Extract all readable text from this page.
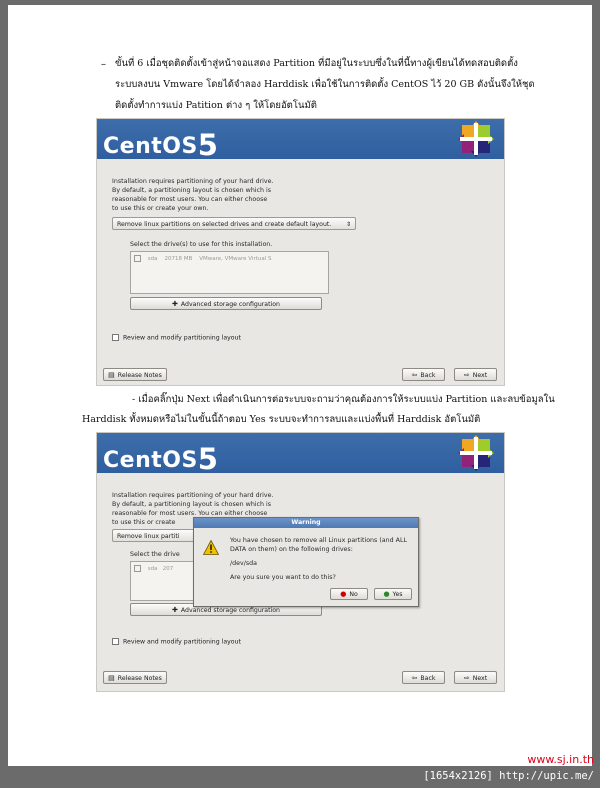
– ขั้นที่ 6 เมื่อชุดติดตั้งเข้าสู่หน้าจอแสดง Partition ที่มีอยู่ในระบบซึ่งในที่นี้ทางผู้เขียนได้ทดสอบติดตั้ง
ระบบลงบน Vmware โดยได้จำลอง Harddisk เพื่อใช้ในการติดตั้ง CentOS ไว้ 20 GB ดังนั้นจึงให้ชุด
ติดตั้งทำการแบ่ง Patition ต่าง ๆ ให้โดยอัตโนมัติ
CentOS5
Installation requires partitioning of your hard drive.
By default, a partitioning layout is chosen which is
reasonable for most users. You can either choose
to use this or create your own.
Remove linux partitions on selected drives and create default layout. ⇕
Select the drive(s) to use for this installation.
sda 20718 MB VMware, VMware Virtual S
✚ Advanced storage configuration
Review and modify partitioning layout
▤ Release Notes	⇦ Back	⇨ Next
- เมื่อคลิ๊กปุ่ม Next เพื่อดำเนินการต่อระบบจะถามว่าคุณต้องการให้ระบบแบ่ง Partition และลบข้อมูลใน
Harddisk ทั้งหมดหรือไม่ในขั้นนี้ถ้าตอบ Yes ระบบจะทำการลบและแบ่งพื้นที่ Harddisk อัตโนมัติ
CentOS5
Installation requires partitioning of your hard drive.
By default, a partitioning layout is chosen which is
reasonable for most users. You can either choose
to use this or create
Remove linux partiti
Select the drive
sda 207
✚ Advanced storage configuration
Review and modify partitioning layout
▤ Release Notes	⇦ Back	⇨ Next
Warning
You have chosen to remove all Linux partitions (and ALL
DATA on them) on the following drives:
/dev/sda
Are you sure you want to do this?
● No	● Yes
www.sj.in.th
[1654x2126] http://upic.me/
